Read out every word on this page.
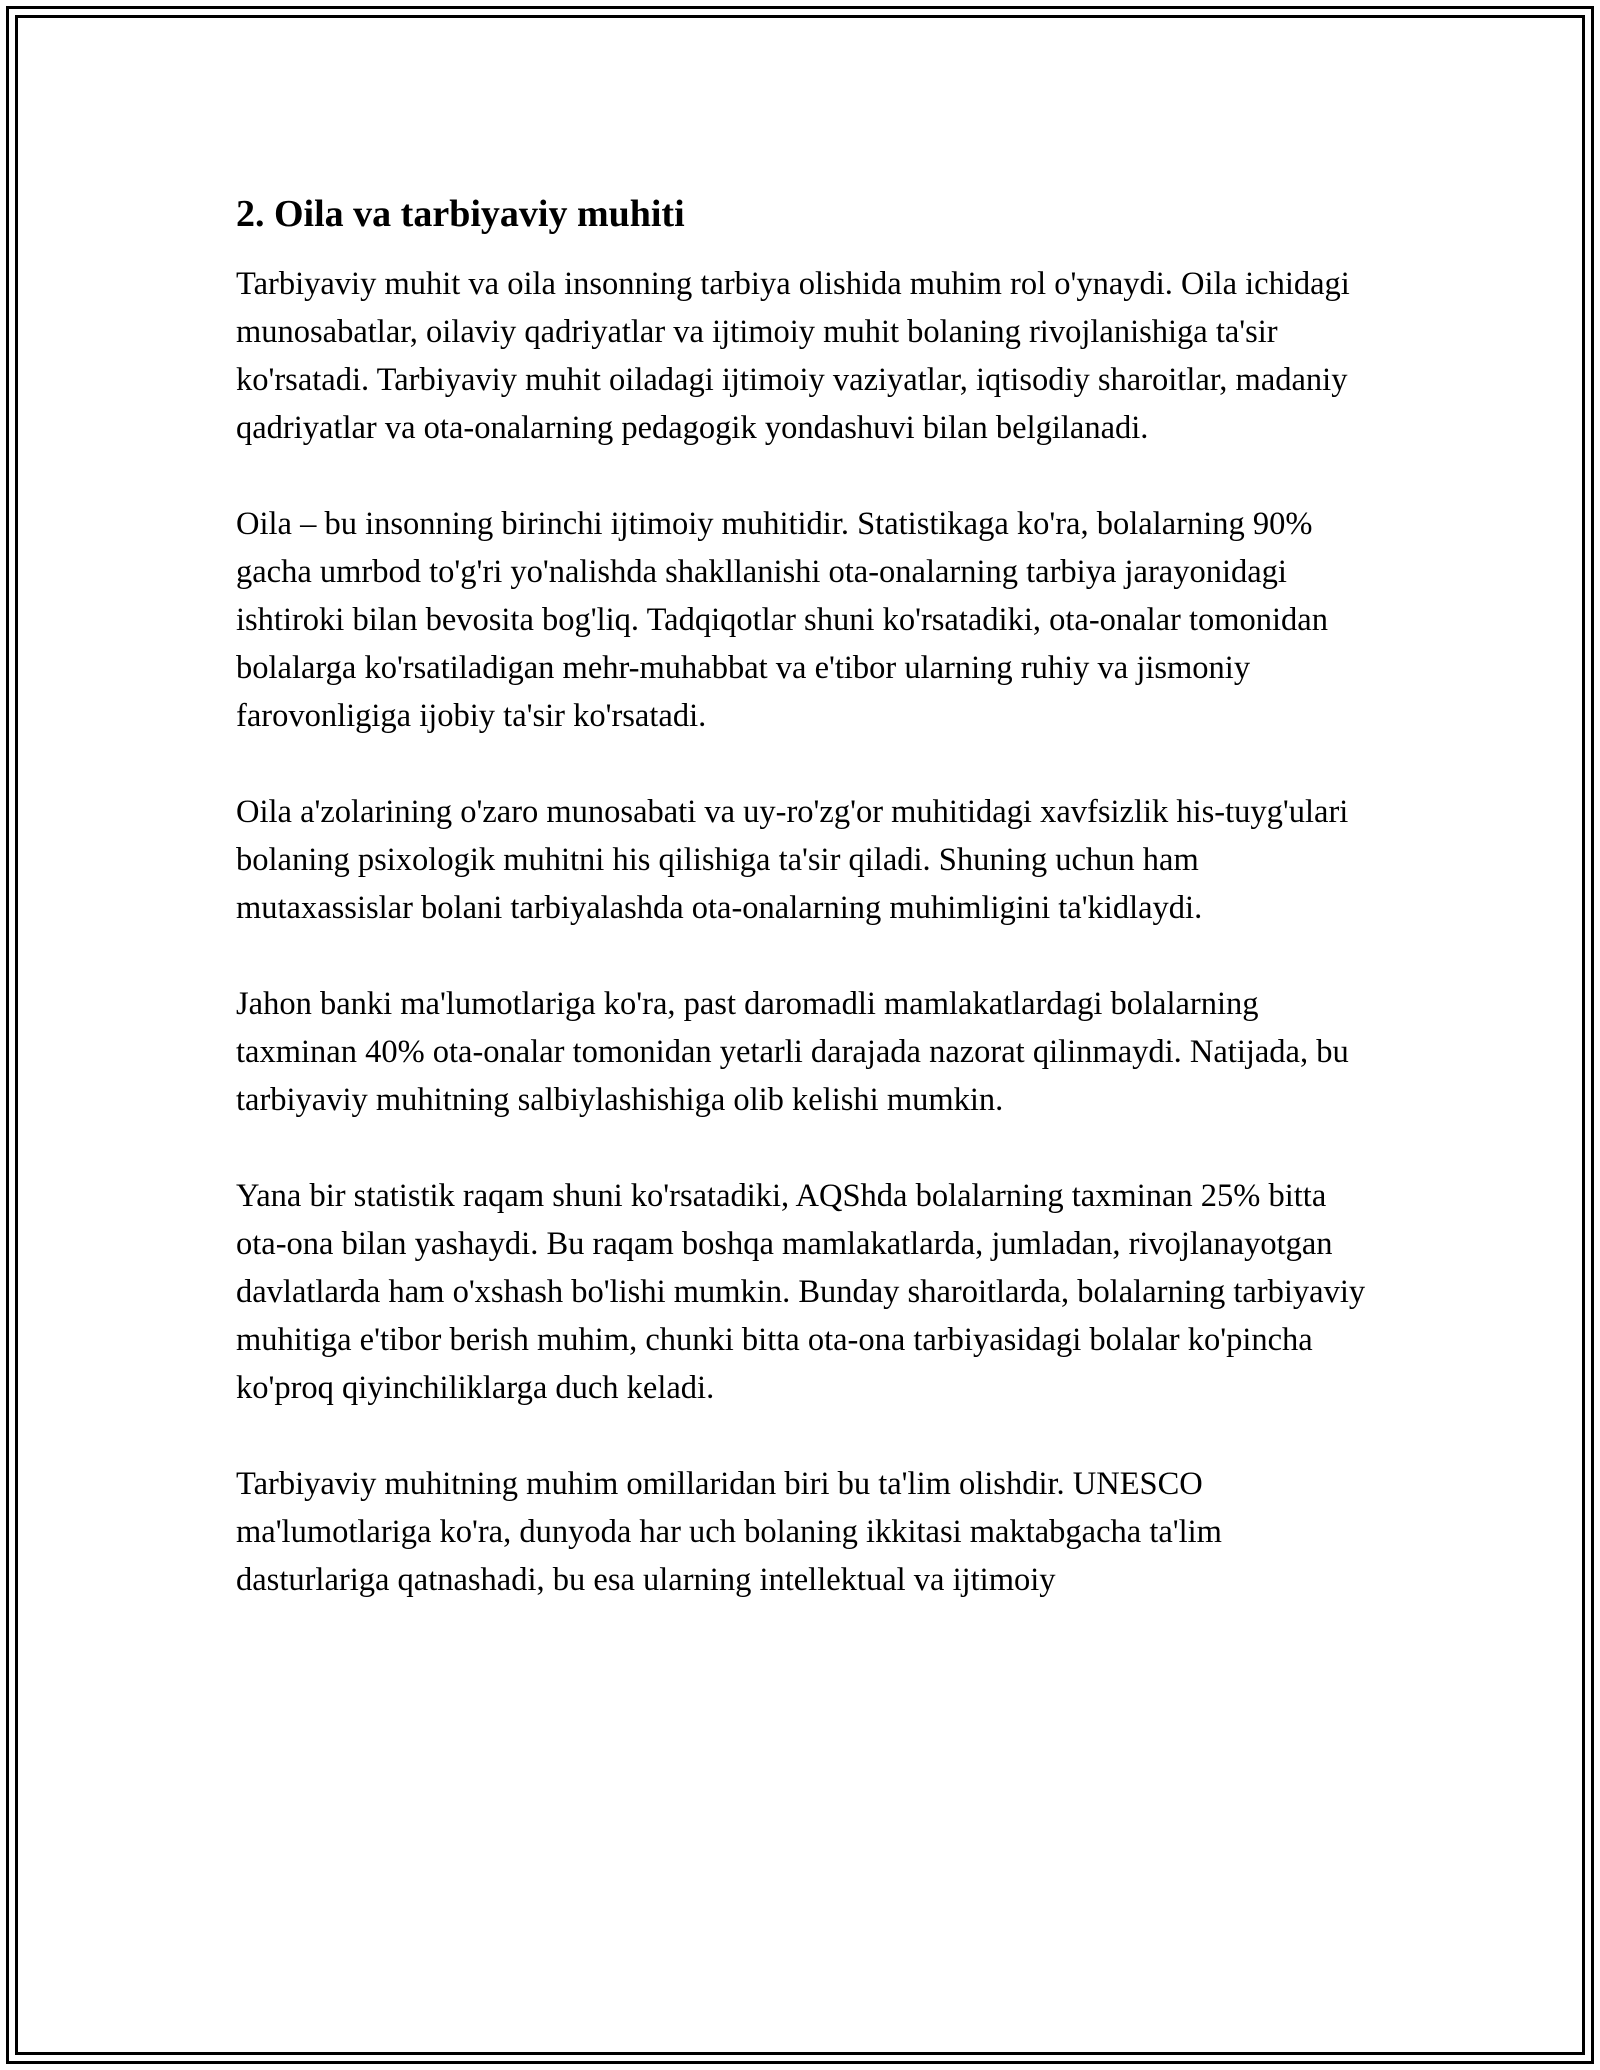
2. Oila va tarbiyaviy muhiti

Tarbiyaviy muhit va oila insonning tarbiya olishida muhim rol o'ynaydi. Oila ichidagi munosabatlar, oilaviy qadriyatlar va ijtimoiy muhit bolaning rivojlanishiga ta'sir ko'rsatadi. Tarbiyaviy muhit oiladagi ijtimoiy vaziyatlar, iqtisodiy sharoitlar, madaniy qadriyatlar va ota-onalarning pedagogik yondashuvi bilan belgilanadi.

Oila – bu insonning birinchi ijtimoiy muhitidir. Statistikaga ko'ra, bolalarning 90% gacha umrbod to'g'ri yo'nalishda shakllanishi ota-onalarning tarbiya jarayonidagi ishtiroki bilan bevosita bog'liq. Tadqiqotlar shuni ko'rsatadiki, ota-onalar tomonidan bolalarga ko'rsatiladigan mehr-muhabbat va e'tibor ularning ruhiy va jismoniy farovonligiga ijobiy ta'sir ko'rsatadi.

Oila a'zolarining o'zaro munosabati va uy-ro'zg'or muhitidagi xavfsizlik his-tuyg'ulari bolaning psixologik muhitni his qilishiga ta'sir qiladi. Shuning uchun ham mutaxassislar bolani tarbiyalashda ota-onalarning muhimligini ta'kidlaydi.

Jahon banki ma'lumotlariga ko'ra, past daromadli mamlakatlardagi bolalarning taxminan 40% ota-onalar tomonidan yetarli darajada nazorat qilinmaydi. Natijada, bu tarbiyaviy muhitning salbiylashishiga olib kelishi mumkin.

Yana bir statistik raqam shuni ko'rsatadiki, AQShda bolalarning taxminan 25% bitta ota-ona bilan yashaydi. Bu raqam boshqa mamlakatlarda, jumladan, rivojlanayotgan davlatlarda ham o'xshash bo'lishi mumkin. Bunday sharoitlarda, bolalarning tarbiyaviy muhitiga e'tibor berish muhim, chunki bitta ota-ona tarbiyasidagi bolalar ko'pincha ko'proq qiyinchiliklarga duch keladi.

Tarbiyaviy muhitning muhim omillaridan biri bu ta'lim olishdir. UNESCO ma'lumotlariga ko'ra, dunyoda har uch bolaning ikkitasi maktabgacha ta'lim dasturlariga qatnashadi, bu esa ularning intellektual va ijtimoiy
